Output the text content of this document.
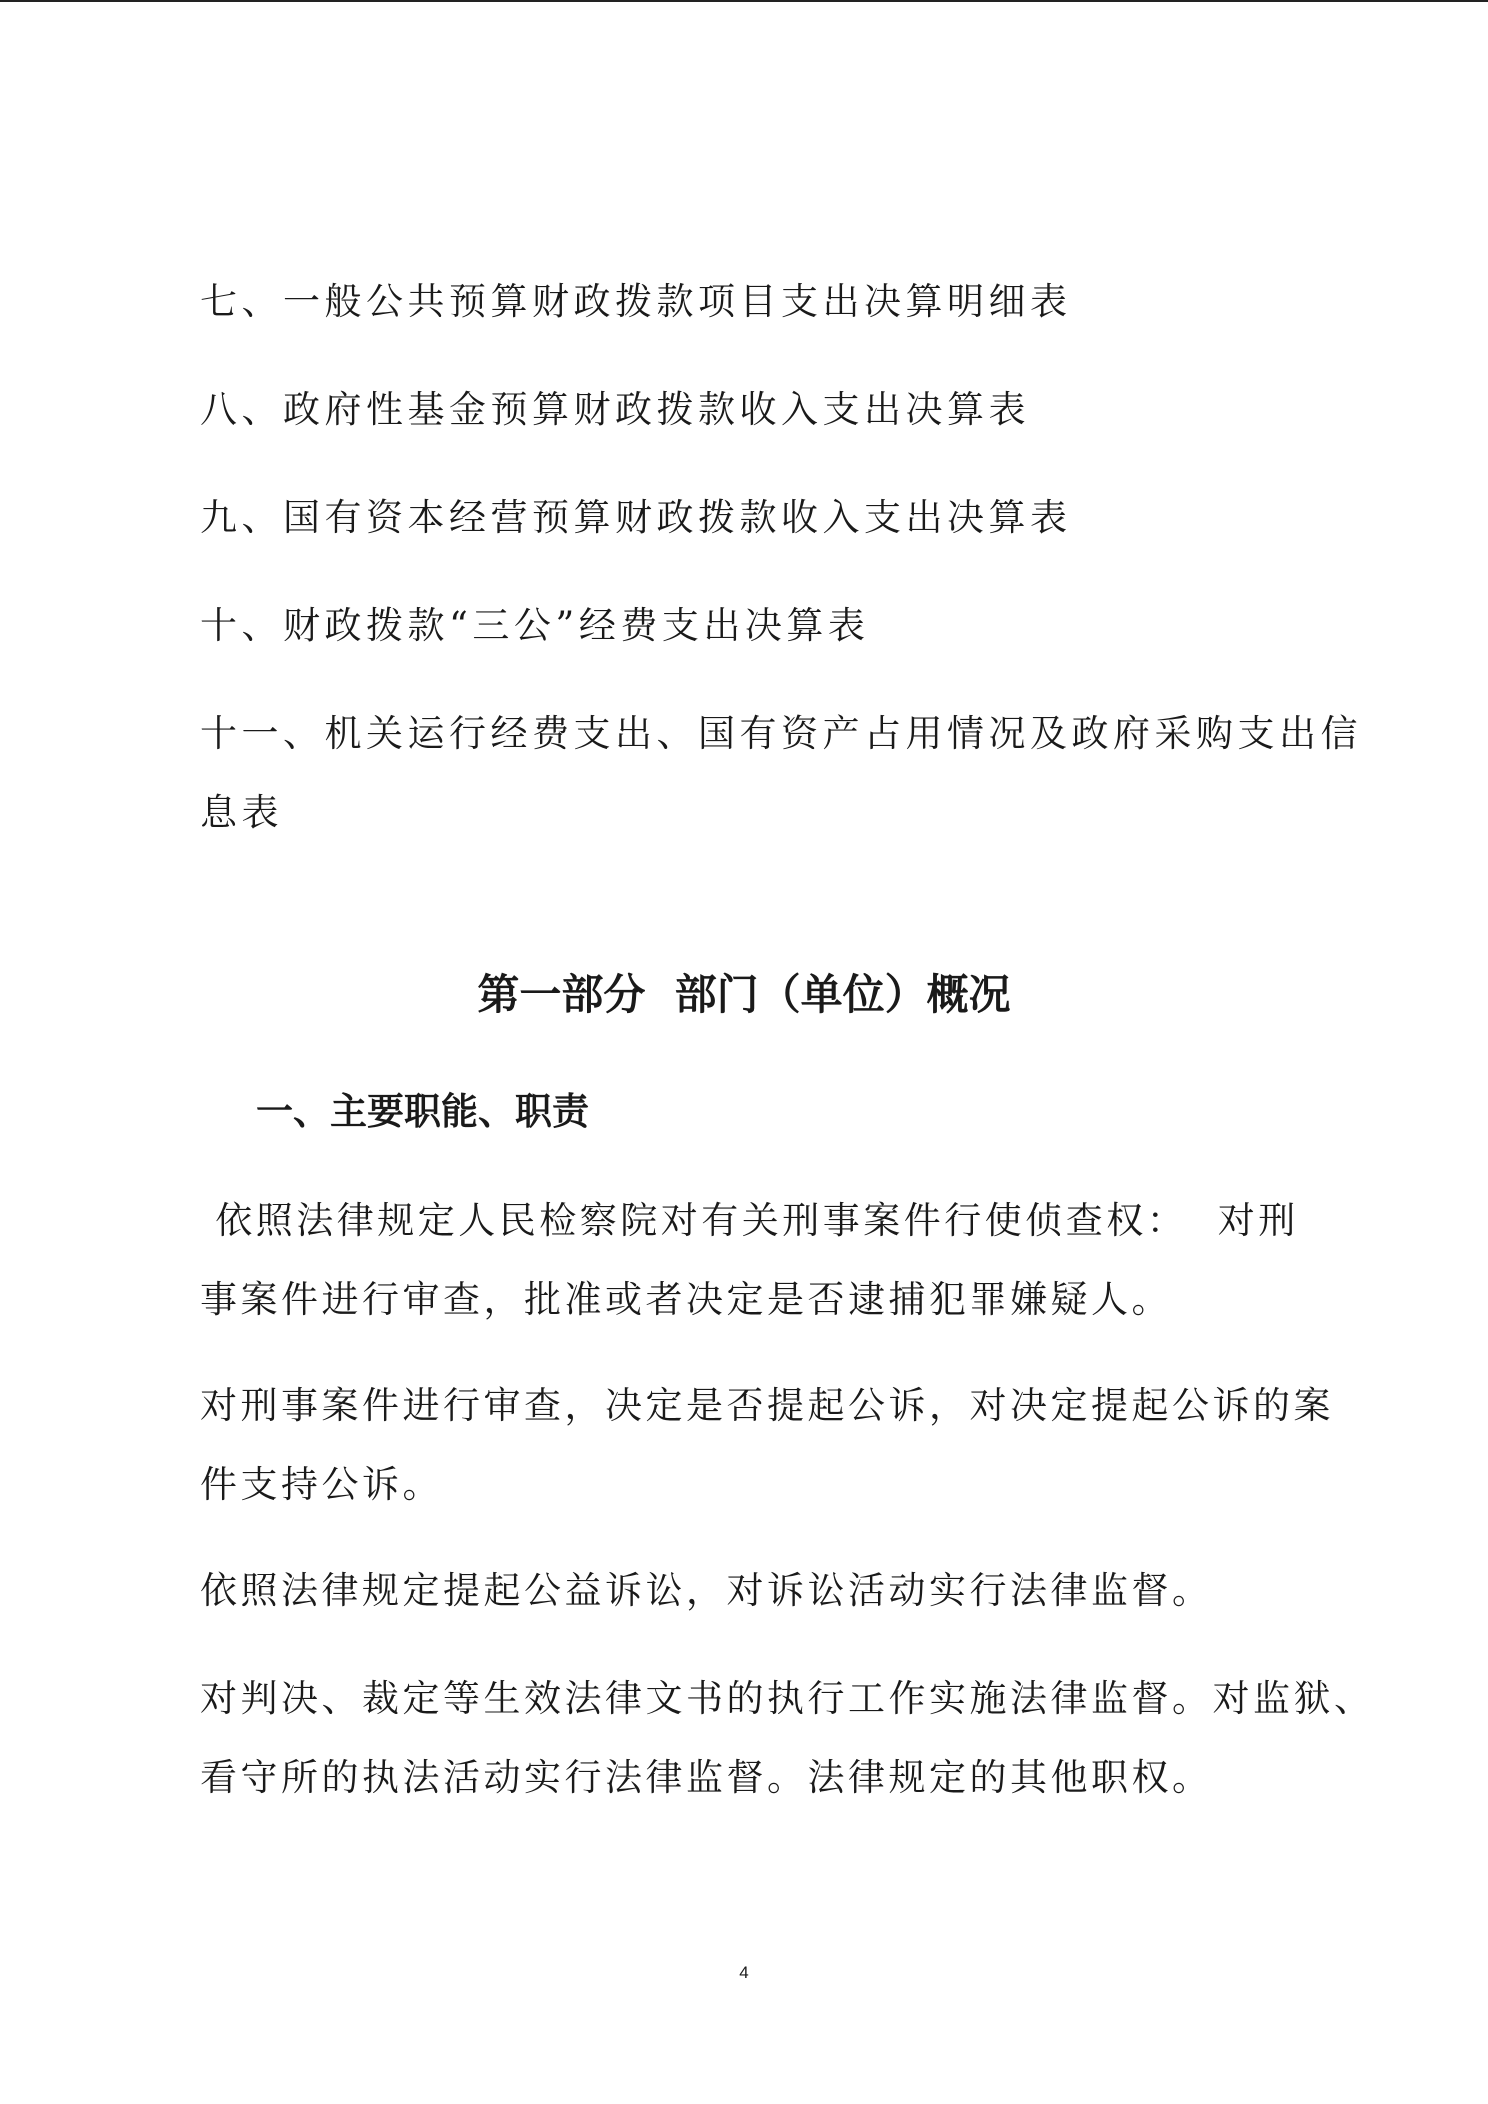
七、一般公共预算财政拨款项目支出决算明细表
八、政府性基金预算财政拨款收入支出决算表
九、国有资本经营预算财政拨款收入支出决算表
十、财政拨款“三公”经费支出决算表
十一、机关运行经费支出、国有资产占用情况及政府采购支出信
息表
第一部分  部门（单位）概况
一、主要职能、职责
依照法律规定人民检察院对有关刑事案件行使侦查权：  对刑
事案件进行审查，批准或者决定是否逮捕犯罪嫌疑人。
对刑事案件进行审查，决定是否提起公诉，对决定提起公诉的案
件支持公诉。
依照法律规定提起公益诉讼，对诉讼活动实行法律监督。
对判决、裁定等生效法律文书的执行工作实施法律监督。对监狱、
看守所的执法活动实行法律监督。法律规定的其他职权。
4
